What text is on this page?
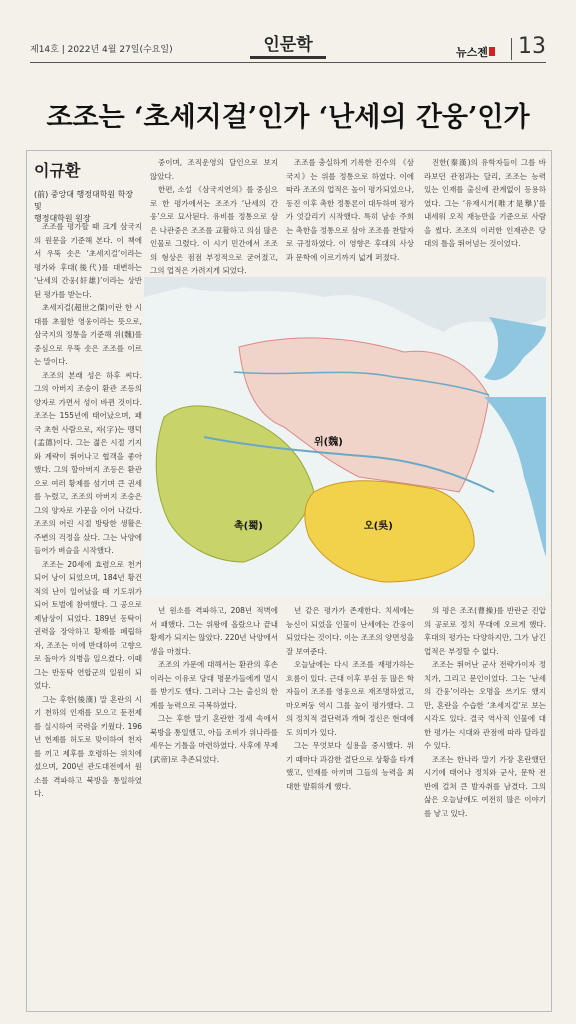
제14호 | 2022년 4월 27일(수요일)	인문학	뉴스젠	13
조조는 ‘초세지걸’인가 ‘난세의 간웅’인가
이규환
(前) 중앙대 행정대학원 학장 및
행정대학원 원장

조조를 평가할 때 크게 삼국지의 원문을 기준해 본다. 이 책에서 우뚝 솟은 ‘초세지걸’이라는 평가와 후대(後代)를 대변하는 ‘난세의 간웅(奸雄)’이라는 상반된 평가를 받는다.

초세지걸(超世之傑)이란 한 시대를 초월한 영웅이라는 뜻으로, 삼국지의 정통을 기준해 위(魏)를 중심으로 우뚝 솟은 조조를 이르는 말이다.

조조의 본래 성은 하후 씨다. 그의 아버지 조숭이 환관 조등의 양자로 가면서 성이 바뀐 것이다. 조조는 155년에 태어났으며, 패국 초현 사람으로, 자(字)는 맹덕(孟德)이다. 그는 젊은 시절 기지와 계략이 뛰어나고 협객을 좋아했다. 그의 할아버지 조등은 환관으로 여러 황제를 섬기며 큰 권세를 누렸고, 조조의 아버지 조숭은 그의 양자로 가문을 이어 나갔다. 조조의 어린 시절 방탕한 생활은 주변의 걱정을 샀다. 그는 낙양에 들어가 벼슬을 시작했다.

조조는 20세에 효렴으로 천거되어 낭이 되었으며, 184년 황건적의 난이 일어났을 때 기도위가 되어 토벌에 참여했다. 그 공으로 제남상이 되었다. 189년 동탁이 권력을 장악하고 황제를 폐립하자, 조조는 이에 반대하여 고향으로 돌아가 의병을 일으켰다. 이때 그는 반동탁 연합군의 일원이 되었다.

그는 후한(後漢) 말 혼란의 시기 천하의 인재를 모으고 둔전제를 실시하여 국력을 키웠다. 196년 헌제를 허도로 맞이하여 천자를 끼고 제후를 호령하는 위치에 섰으며, 200년 관도대전에서 원소를 격파하고 북방을 통일하였다.

중이며, 조직운영의 달인으로 보지 않았다.

한편, 소설 《삼국지연의》를 중심으로 한 평가에서는 조조가 ‘난세의 간웅’으로 묘사된다. 유비를 정통으로 삼은 나관중은 조조를 교활하고 의심 많은 인물로 그렸다. 이 시기 민간에서 조조의 형상은 점점 부정적으로 굳어졌고, 그의 업적은 가려지게 되었다.

조조를 충실하게 기록한 진수의 《삼국지》는 위를 정통으로 하였다. 이에 따라 조조의 업적은 높이 평가되었으나, 동진 이후 촉한 정통론이 대두하며 평가가 엇갈리기 시작했다. 특히 남송 주희는 촉한을 정통으로 삼아 조조를 찬탈자로 규정하였다. 이 영향은 후대의 사상과 문학에 이르기까지 넓게 퍼졌다.

진한(秦漢)의 유학자들이 그를 바라보던 관점과는 달리, 조조는 능력 있는 인재를 출신에 관계없이 등용하였다. 그는 ‘유재시거(唯才是擧)’를 내세워 오직 재능만을 기준으로 사람을 썼다. 조조의 이러한 인재관은 당대의 틀을 뛰어넘는 것이었다.

위(魏)
촉(蜀)	오(吳)

년 원소를 격파하고, 208년 적벽에서 패했다. 그는 위왕에 올랐으나 끝내 황제가 되지는 않았다. 220년 낙양에서 생을 마쳤다.

조조의 가문에 대해서는 환관의 후손이라는 이유로 당대 명문가들에게 멸시를 받기도 했다. 그러나 그는 출신의 한계를 능력으로 극복하였다.

그는 후한 말기 혼란한 정세 속에서 북방을 통일했고, 아들 조비가 위나라를 세우는 기틀을 마련하였다. 사후에 무제(武帝)로 추존되었다.

년 같은 평가가 존재한다. 치세에는 능신이 되었을 인물이 난세에는 간웅이 되었다는 것이다. 이는 조조의 양면성을 잘 보여준다.

오늘날에는 다시 조조를 재평가하는 흐름이 있다. 근대 이후 루쉰 등 많은 학자들이 조조를 영웅으로 재조명하였고, 마오쩌둥 역시 그를 높이 평가했다. 그의 정치적 결단력과 개혁 정신은 현대에도 의미가 있다.

그는 무엇보다 실용을 중시했다. 위기 때마다 과감한 결단으로 상황을 타개했고, 인재를 아끼며 그들의 능력을 최대한 발휘하게 했다.

의 평은 조조(曹操)를 반란군 진압의 공로로 정치 무대에 오르게 했다. 후대의 평가는 다양하지만, 그가 남긴 업적은 부정할 수 없다.

조조는 뛰어난 군사 전략가이자 정치가, 그리고 문인이었다. 그는 ‘난세의 간웅’이라는 오명을 쓰기도 했지만, 혼란을 수습한 ‘초세지걸’로 보는 시각도 있다. 결국 역사적 인물에 대한 평가는 시대와 관점에 따라 달라질 수 있다.

조조는 한나라 말기 가장 혼란했던 시기에 태어나 정치와 군사, 문학 전반에 걸쳐 큰 발자취를 남겼다. 그의 삶은 오늘날에도 여전히 많은 이야기를 낳고 있다.
